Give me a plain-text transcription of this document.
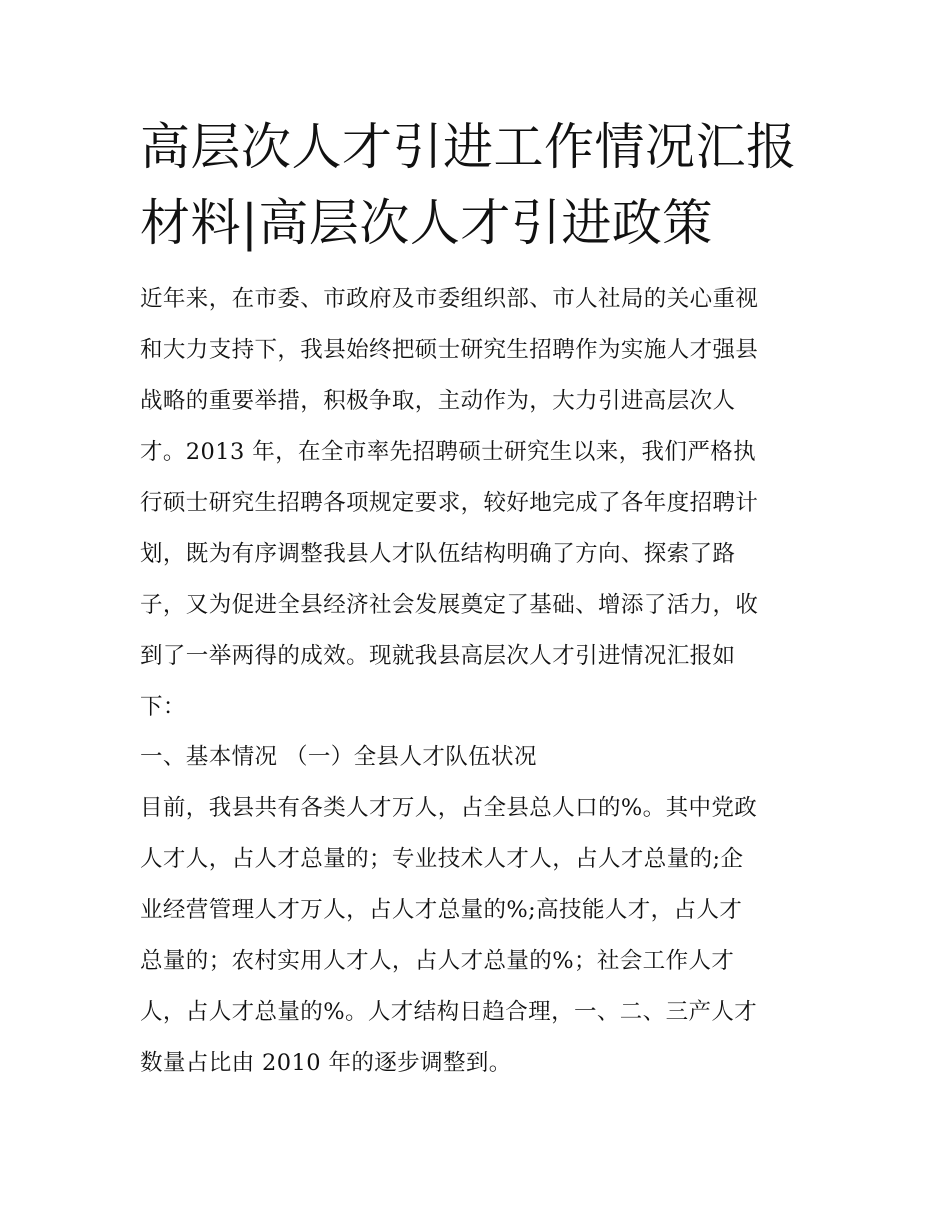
高层次人才引进工作情况汇报
材料|高层次人才引进政策

近年来，在市委、市政府及市委组织部、市人社局的关心重视

和大力支持下，我县始终把硕士研究生招聘作为实施人才强县

战略的重要举措，积极争取，主动作为，大力引进高层次人

才。2013 年，在全市率先招聘硕士研究生以来，我们严格执

行硕士研究生招聘各项规定要求，较好地完成了各年度招聘计

划，既为有序调整我县人才队伍结构明确了方向、探索了路

子，又为促进全县经济社会发展奠定了基础、增添了活力，收

到了一举两得的成效。现就我县高层次人才引进情况汇报如

下：

一、基本情况 （一）全县人才队伍状况

目前，我县共有各类人才万人，占全县总人口的%。其中党政

人才人，占人才总量的；专业技术人才人，占人才总量的;企

业经营管理人才万人，占人才总量的%;高技能人才，占人才

总量的；农村实用人才人，占人才总量的%；社会工作人才

人，占人才总量的%。人才结构日趋合理，一、二、三产人才

数量占比由 2010 年的逐步调整到。
